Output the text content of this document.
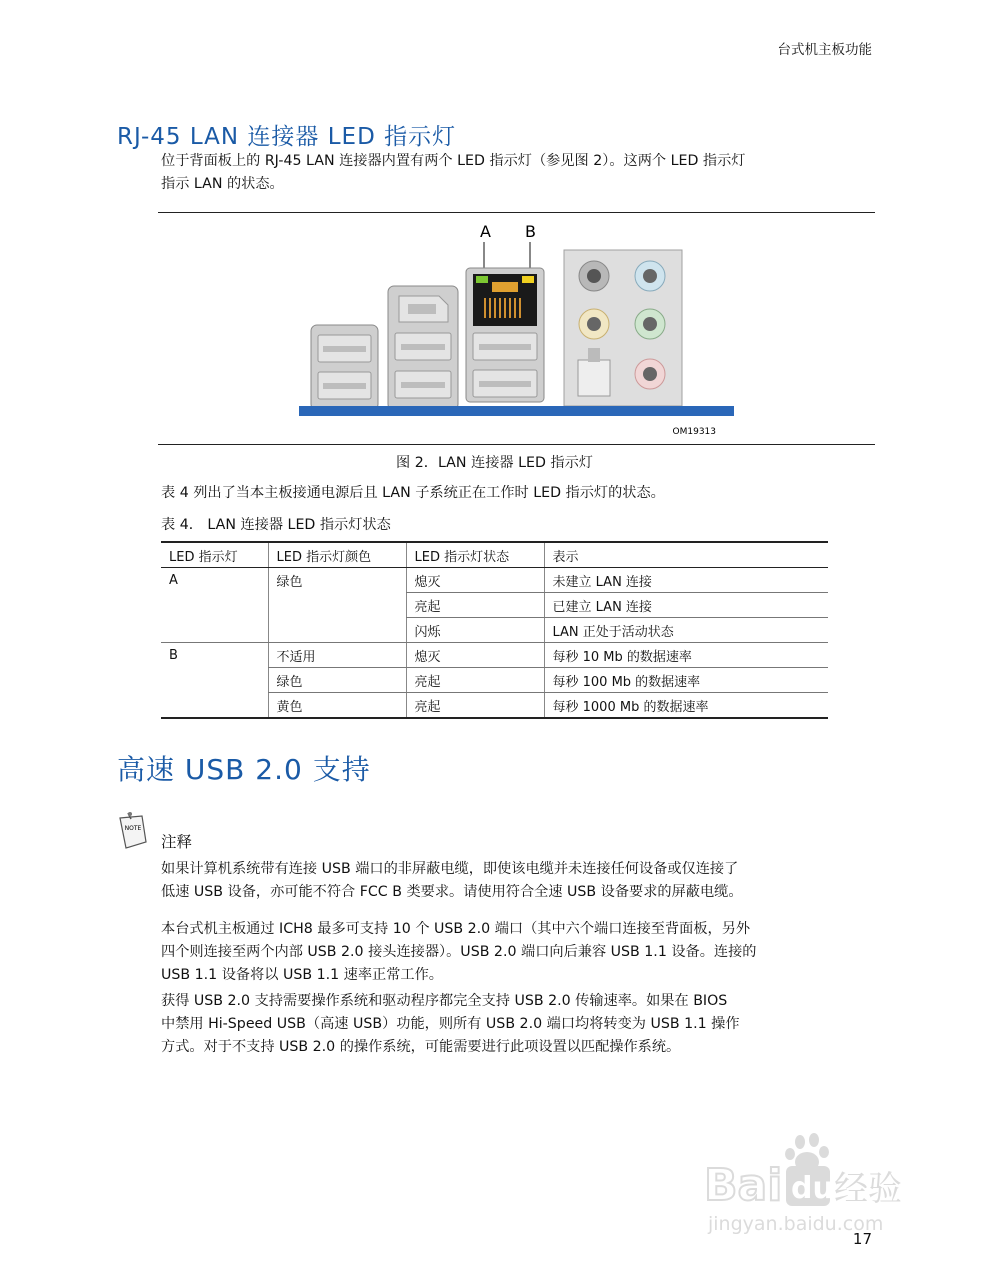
台式机主板功能
RJ-45 LAN 连接器 LED 指示灯
位于背面板上的 RJ-45 LAN 连接器内置有两个 LED 指示灯（参见图 2）。这两个 LED 指示灯
指示 LAN 的状态。
A B
OM19313
图 2．LAN 连接器 LED 指示灯
表 4 列出了当本主板接通电源后且 LAN 子系统正在工作时 LED 指示灯的状态。
表 4． LAN 连接器 LED 指示灯状态
LED 指示灯	LED 指示灯颜色	LED 指示灯状态	表示
A	绿色	熄灭	未建立 LAN 连接
		亮起	已建立 LAN 连接
		闪烁	LAN 正处于活动状态
B	不适用	熄灭	每秒 10 Mb 的数据速率
	绿色	亮起	每秒 100 Mb 的数据速率
	黄色	亮起	每秒 1000 Mb 的数据速率
高速 USB 2.0 支持
NOTE
注释
如果计算机系统带有连接 USB 端口的非屏蔽电缆，即使该电缆并未连接任何设备或仅连接了
低速 USB 设备，亦可能不符合 FCC B 类要求。请使用符合全速 USB 设备要求的屏蔽电缆。
本台式机主板通过 ICH8 最多可支持 10 个 USB 2.0 端口（其中六个端口连接至背面板，另外
四个则连接至两个内部 USB 2.0 接头连接器）。USB 2.0 端口向后兼容 USB 1.1 设备。连接的
USB 1.1 设备将以 USB 1.1 速率正常工作。
获得 USB 2.0 支持需要操作系统和驱动程序都完全支持 USB 2.0 传输速率。如果在 BIOS
中禁用 Hi-Speed USB（高速 USB）功能，则所有 USB 2.0 端口均将转变为 USB 1.1 操作
方式。对于不支持 USB 2.0 的操作系统，可能需要进行此项设置以匹配操作系统。
Bai du 经验
jingyan.baidu.com
17
